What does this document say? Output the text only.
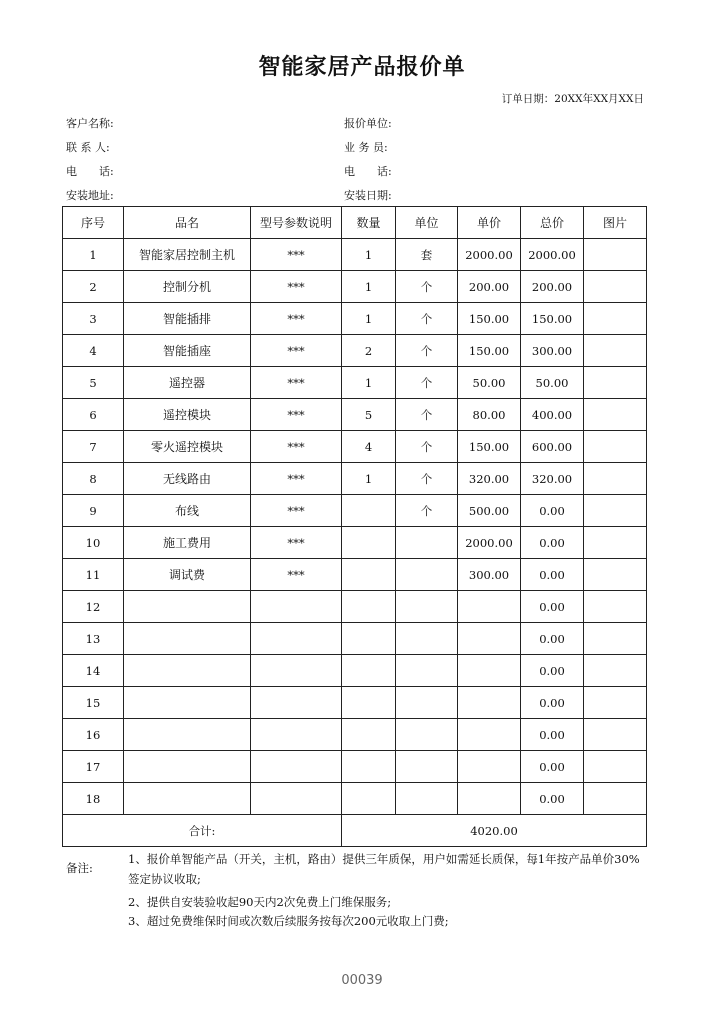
智能家居产品报价单
订单日期：20XX年XX月XX日
客户名称:
联 系 人:
电　　话:
安装地址:
报价单位:
业 务 员:
电　　话:
安装日期:
序号	品名	型号参数说明	数量	单位	单价	总价	图片
1	智能家居控制主机	***	1	套	2000.00	2000.00	
2	控制分机	***	1	个	200.00	200.00	
3	智能插排	***	1	个	150.00	150.00	
4	智能插座	***	2	个	150.00	300.00	
5	遥控器	***	1	个	50.00	50.00	
6	遥控模块	***	5	个	80.00	400.00	
7	零火遥控模块	***	4	个	150.00	600.00	
8	无线路由	***	1	个	320.00	320.00	
9	布线	***		个	500.00	0.00	
10	施工费用	***			2000.00	0.00	
11	调试费	***			300.00	0.00	
12						0.00	
13						0.00	
14						0.00	
15						0.00	
16						0.00	
17						0.00	
18						0.00	
合计:			4020.00				
备注:
1、报价单智能产品（开关，主机，路由）提供三年质保，用户如需延长质保，每1年按产品单价30%签定协议收取;
2、提供自安装验收起90天内2次免费上门维保服务;
3、超过免费维保时间或次数后续服务按每次200元收取上门费;
00039
